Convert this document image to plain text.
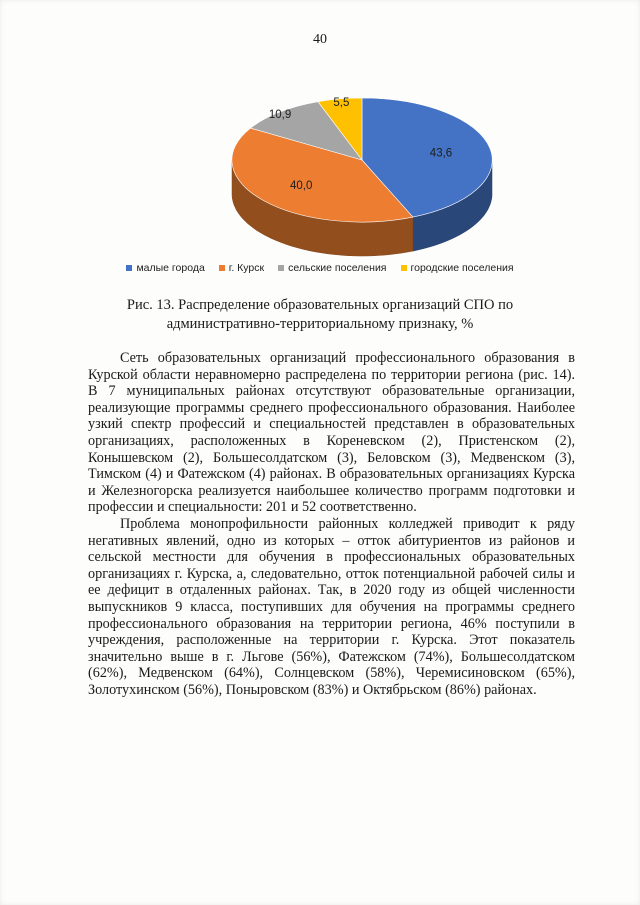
40
43,6
40,0
10,9
5,5
малые города г. Курск сельские поселения городские поселения
Рис. 13. Распределение образовательных организаций СПО по
административно-территориальному признаку, %

Сеть образовательных организаций профессионального образования в Курской области неравномерно распределена по территории региона (рис. 14). В 7 муниципальных районах отсутствуют образовательные организации, реализующие программы среднего профессионального образования. Наиболее узкий спектр профессий и специальностей представлен в образовательных организациях, расположенных в Кореневском (2), Пристенском (2), Конышевском (2), Большесолдатском (3), Беловском (3), Медвенском (3), Тимском (4) и Фатежском (4) районах. В образовательных организациях Курска и Железногорска реализуется наибольшее количество программ подготовки и профессии и специальности: 201 и 52 соответственно.

Проблема монопрофильности районных колледжей приводит к ряду негативных явлений, одно из которых – отток абитуриентов из районов и сельской местности для обучения в профессиональных образовательных организациях г. Курска, а, следовательно, отток потенциальной рабочей силы и ее дефицит в отдаленных районах. Так, в 2020 году из общей численности выпускников 9 класса, поступивших для обучения на программы среднего профессионального образования на территории региона, 46% поступили в учреждения, расположенные на территории г. Курска. Этот показатель значительно выше в г. Льгове (56%), Фатежском (74%), Большесолдатском (62%), Медвенском (64%), Солнцевском (58%), Черемисиновском (65%), Золотухинском (56%), Поныровском (83%) и Октябрьском (86%) районах.
